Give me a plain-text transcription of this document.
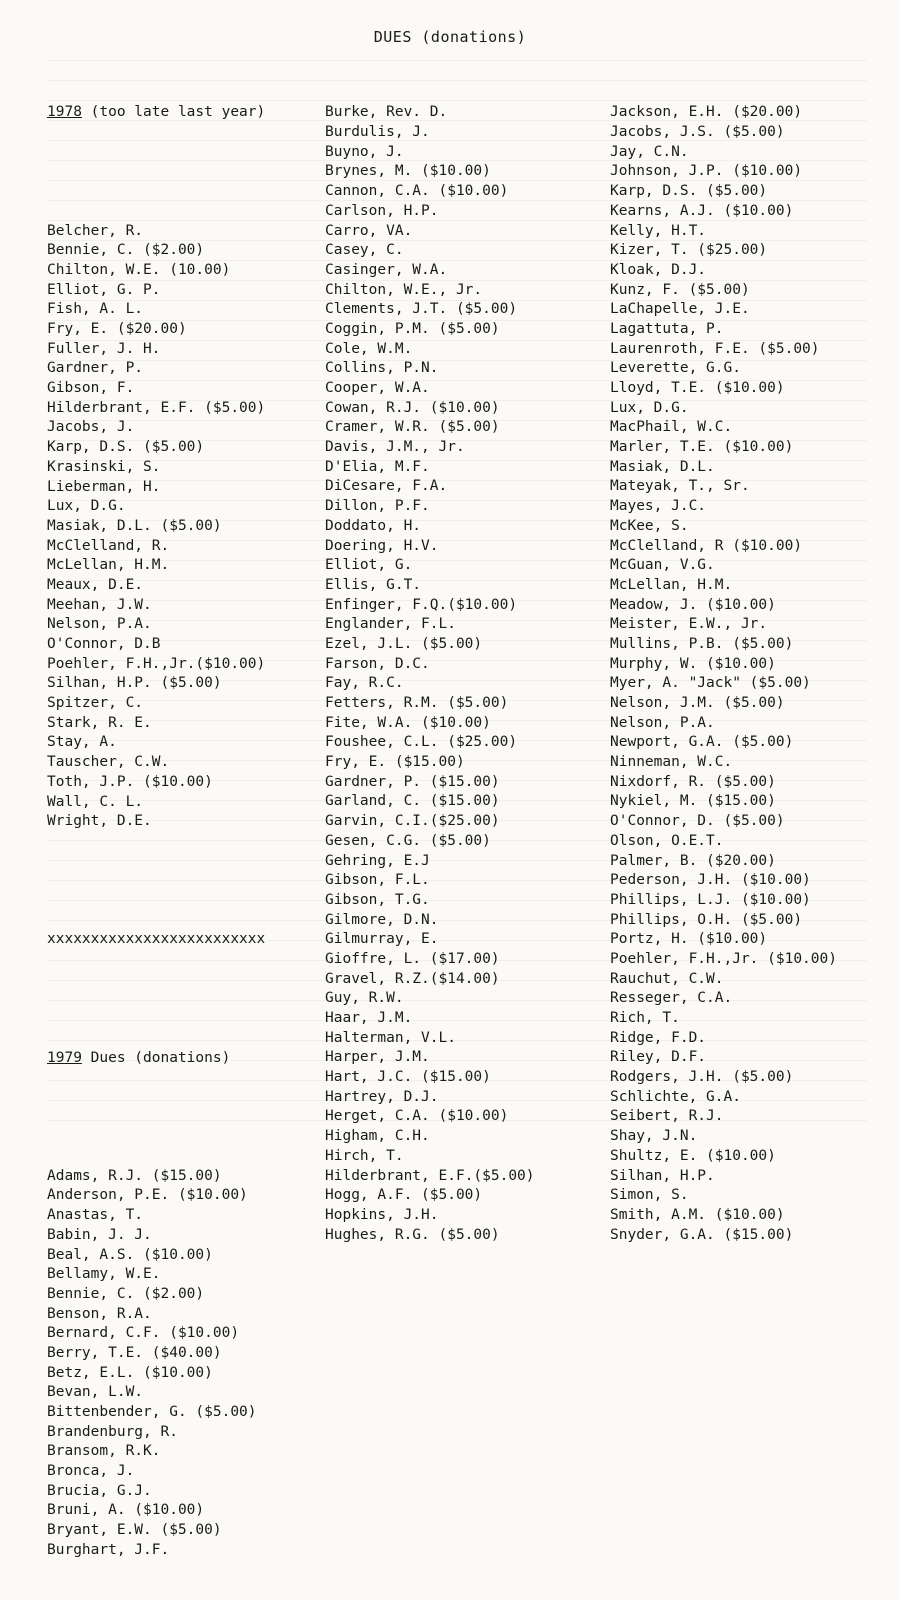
DUES (donations)

1978 (too late last year)

Belcher, R.
Bennie, C. ($2.00)
Chilton, W.E. (10.00)
Elliot, G. P.
Fish, A. L.
Fry, E. ($20.00)
Fuller, J. H.
Gardner, P.
Gibson, F.
Hilderbrant, E.F. ($5.00)
Jacobs, J.
Karp, D.S. ($5.00)
Krasinski, S.
Lieberman, H.
Lux, D.G.
Masiak, D.L. ($5.00)
McClelland, R.
McLellan, H.M.
Meaux, D.E.
Meehan, J.W.
Nelson, P.A.
O'Connor, D.B
Poehler, F.H.,Jr.($10.00)
Silhan, H.P. ($5.00)
Spitzer, C.
Stark, R. E.
Stay, A.
Tauscher, C.W.
Toth, J.P. ($10.00)
Wall, C. L.
Wright, D.E.

xxxxxxxxxxxxxxxxxxxxxxxxx

1979 Dues (donations)

Adams, R.J. ($15.00)
Anderson, P.E. ($10.00)
Anastas, T.
Babin, J. J.
Beal, A.S. ($10.00)
Bellamy, W.E.
Bennie, C. ($2.00)
Benson, R.A.
Bernard, C.F. ($10.00)
Berry, T.E. ($40.00)
Betz, E.L. ($10.00)
Bevan, L.W.
Bittenbender, G. ($5.00)
Brandenburg, R.
Bransom, R.K.
Bronca, J.
Brucia, G.J.
Bruni, A. ($10.00)
Bryant, E.W. ($5.00)
Burghart, J.F.

Burke, Rev. D.
Burdulis, J.
Buyno, J.
Brynes, M. ($10.00)
Cannon, C.A. ($10.00)
Carlson, H.P.
Carro, VA.
Casey, C.
Casinger, W.A.
Chilton, W.E., Jr.
Clements, J.T. ($5.00)
Coggin, P.M. ($5.00)
Cole, W.M.
Collins, P.N.
Cooper, W.A.
Cowan, R.J. ($10.00)
Cramer, W.R. ($5.00)
Davis, J.M., Jr.
D'Elia, M.F.
DiCesare, F.A.
Dillon, P.F.
Doddato, H.
Doering, H.V.
Elliot, G.
Ellis, G.T.
Enfinger, F.Q.($10.00)
Englander, F.L.
Ezel, J.L. ($5.00)
Farson, D.C.
Fay, R.C.
Fetters, R.M. ($5.00)
Fite, W.A. ($10.00)
Foushee, C.L. ($25.00)
Fry, E. ($15.00)
Gardner, P. ($15.00)
Garland, C. ($15.00)
Garvin, C.I.($25.00)
Gesen, C.G. ($5.00)
Gehring, E.J
Gibson, F.L.
Gibson, T.G.
Gilmore, D.N.
Gilmurray, E.
Gioffre, L. ($17.00)
Gravel, R.Z.($14.00)
Guy, R.W.
Haar, J.M.
Halterman, V.L.
Harper, J.M.
Hart, J.C. ($15.00)
Hartrey, D.J.
Herget, C.A. ($10.00)
Higham, C.H.
Hirch, T.
Hilderbrant, E.F.($5.00)
Hogg, A.F. ($5.00)
Hopkins, J.H.
Hughes, R.G. ($5.00)

Jackson, E.H. ($20.00)
Jacobs, J.S. ($5.00)
Jay, C.N.
Johnson, J.P. ($10.00)
Karp, D.S. ($5.00)
Kearns, A.J. ($10.00)
Kelly, H.T.
Kizer, T. ($25.00)
Kloak, D.J.
Kunz, F. ($5.00)
LaChapelle, J.E.
Lagattuta, P.
Laurenroth, F.E. ($5.00)
Leverette, G.G.
Lloyd, T.E. ($10.00)
Lux, D.G.
MacPhail, W.C.
Marler, T.E. ($10.00)
Masiak, D.L.
Mateyak, T., Sr.
Mayes, J.C.
McKee, S.
McClelland, R ($10.00)
McGuan, V.G.
McLellan, H.M.
Meadow, J. ($10.00)
Meister, E.W., Jr.
Mullins, P.B. ($5.00)
Murphy, W. ($10.00)
Myer, A. "Jack" ($5.00)
Nelson, J.M. ($5.00)
Nelson, P.A.
Newport, G.A. ($5.00)
Ninneman, W.C.
Nixdorf, R. ($5.00)
Nykiel, M. ($15.00)
O'Connor, D. ($5.00)
Olson, O.E.T.
Palmer, B. ($20.00)
Pederson, J.H. ($10.00)
Phillips, L.J. ($10.00)
Phillips, O.H. ($5.00)
Portz, H. ($10.00)
Poehler, F.H.,Jr. ($10.00)
Rauchut, C.W.
Resseger, C.A.
Rich, T.
Ridge, F.D.
Riley, D.F.
Rodgers, J.H. ($5.00)
Schlichte, G.A.
Seibert, R.J.
Shay, J.N.
Shultz, E. ($10.00)
Silhan, H.P.
Simon, S.
Smith, A.M. ($10.00)
Snyder, G.A. ($15.00)
